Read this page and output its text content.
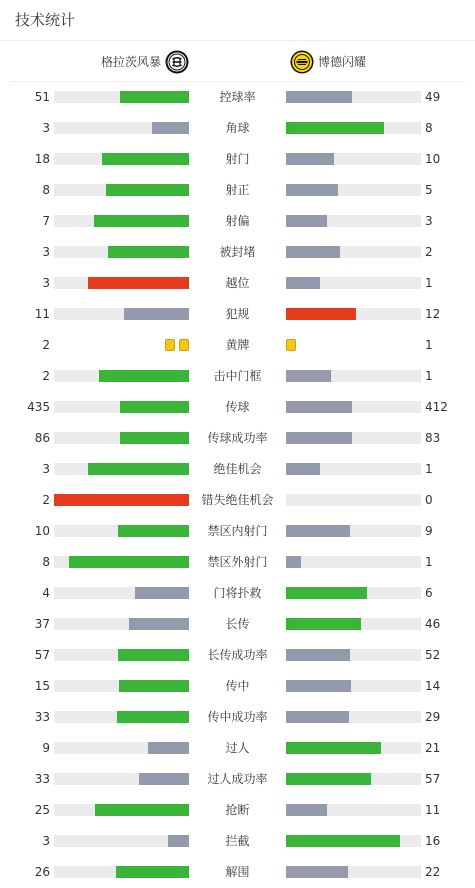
技术统计
格拉茨风暴	博德闪耀
51	控球率	49
3	角球	8
18	射门	10
8	射正	5
7	射偏	3
3	被封堵	2
3	越位	1
11	犯规	12
2	黄牌	1
2	击中门框	1
435	传球	412
86	传球成功率	83
3	绝佳机会	1
2	错失绝佳机会	0
10	禁区内射门	9
8	禁区外射门	1
4	门将扑救	6
37	长传	46
57	长传成功率	52
15	传中	14
33	传中成功率	29
9	过人	21
33	过人成功率	57
25	抢断	11
3	拦截	16
26	解围	22
